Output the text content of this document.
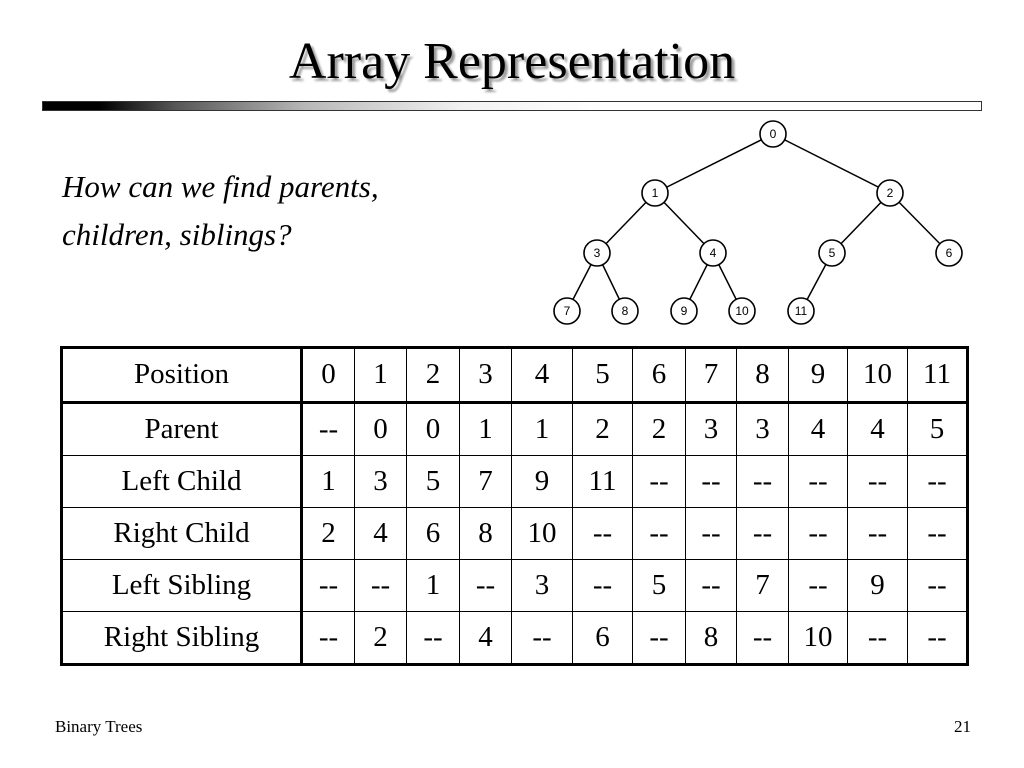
Array Representation
How can we find parents,
children, siblings?
0
1	2
3	4	5	6
7	8	9	10	11
Position	0	1	2	3	4	5	6	7	8	9	10	11
Parent	--	0	0	1	1	2	2	3	3	4	4	5
Left Child	1	3	5	7	9	11	--	--	--	--	--	--
Right Child	2	4	6	8	10	--	--	--	--	--	--	--
Left Sibling	--	--	1	--	3	--	5	--	7	--	9	--
Right Sibling	--	2	--	4	--	6	--	8	--	10	--	--
Binary Trees	21
